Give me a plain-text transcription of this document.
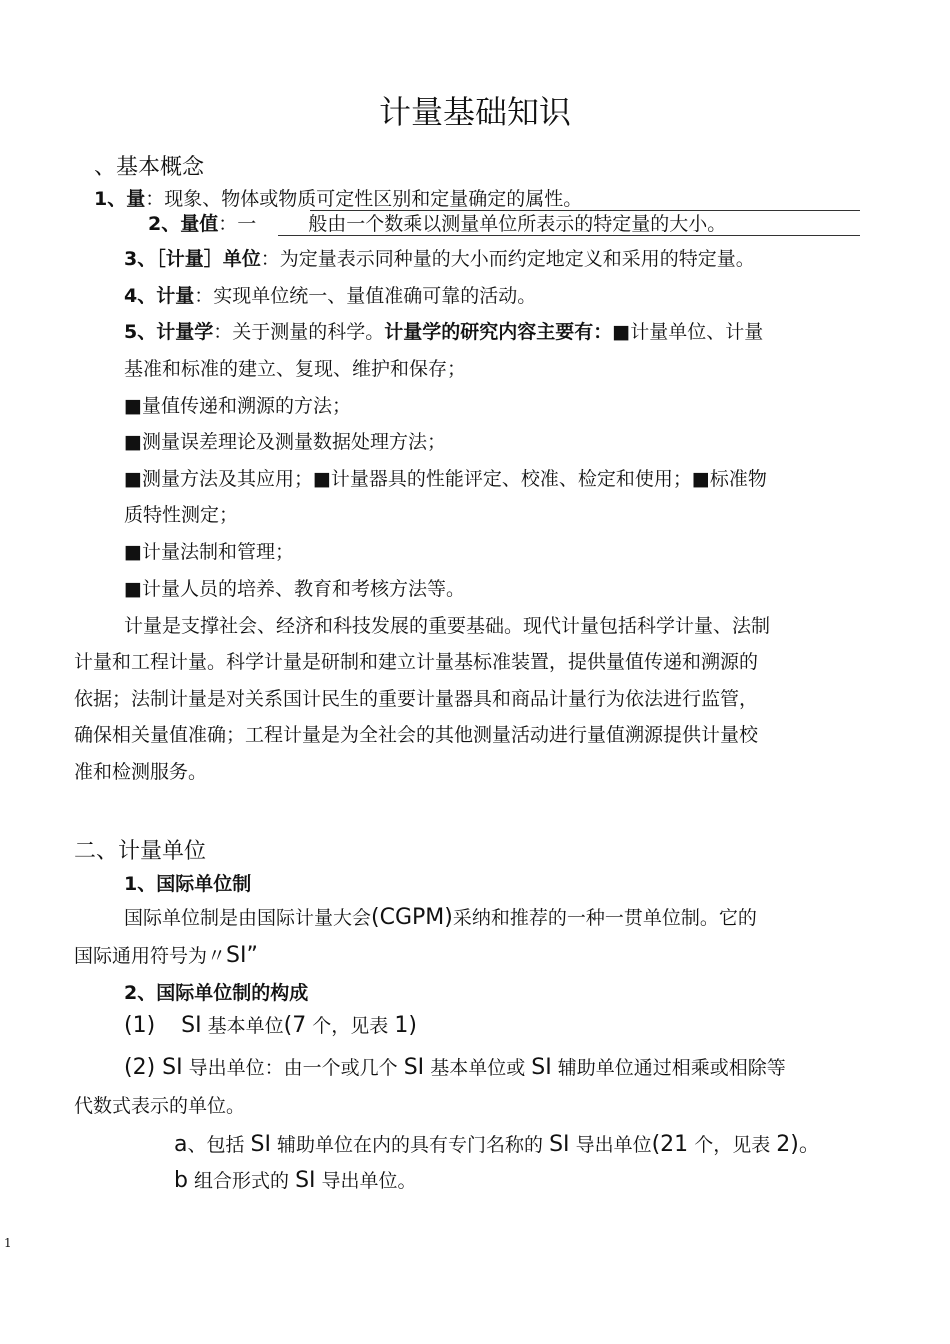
计量基础知识
、基本概念
1、量：现象、物体或物质可定性区别和定量确定的属性。
2、量值：一	般由一个数乘以测量单位所表示的特定量的大小。
3、［计量］单位：为定量表示同种量的大小而约定地定义和采用的特定量。
4、计量：实现单位统一、量值准确可靠的活动。
5、计量学：关于测量的科学。计量学的研究内容主要有：■计量单位、计量
基准和标准的建立、复现、维护和保存；
■量值传递和溯源的方法；
■测量误差理论及测量数据处理方法；
■测量方法及其应用；■计量器具的性能评定、校准、检定和使用；■标准物
质特性测定；
■计量法制和管理；
■计量人员的培养、教育和考核方法等。
计量是支撑社会、经济和科技发展的重要基础。现代计量包括科学计量、法制
计量和工程计量。科学计量是研制和建立计量基标准装置，提供量值传递和溯源的
依据；法制计量是对关系国计民生的重要计量器具和商品计量行为依法进行监管，
确保相关量值准确；工程计量是为全社会的其他测量活动进行量值溯源提供计量校
准和检测服务。
二、计量单位
1、国际单位制
国际单位制是由国际计量大会(CGPM)采纳和推荐的一种一贯单位制。它的
国际通用符号为〃SI”
2、国际单位制的构成
(1) SI 基本单位(7 个，见表 1)
(2) SI 导出单位：由一个或几个 SI 基本单位或 SI 辅助单位通过相乘或相除等
代数式表示的单位。
a、包括 SI 辅助单位在内的具有专门名称的 SI 导出单位(21 个，见表 2)。
b 组合形式的 SI 导出单位。
1
